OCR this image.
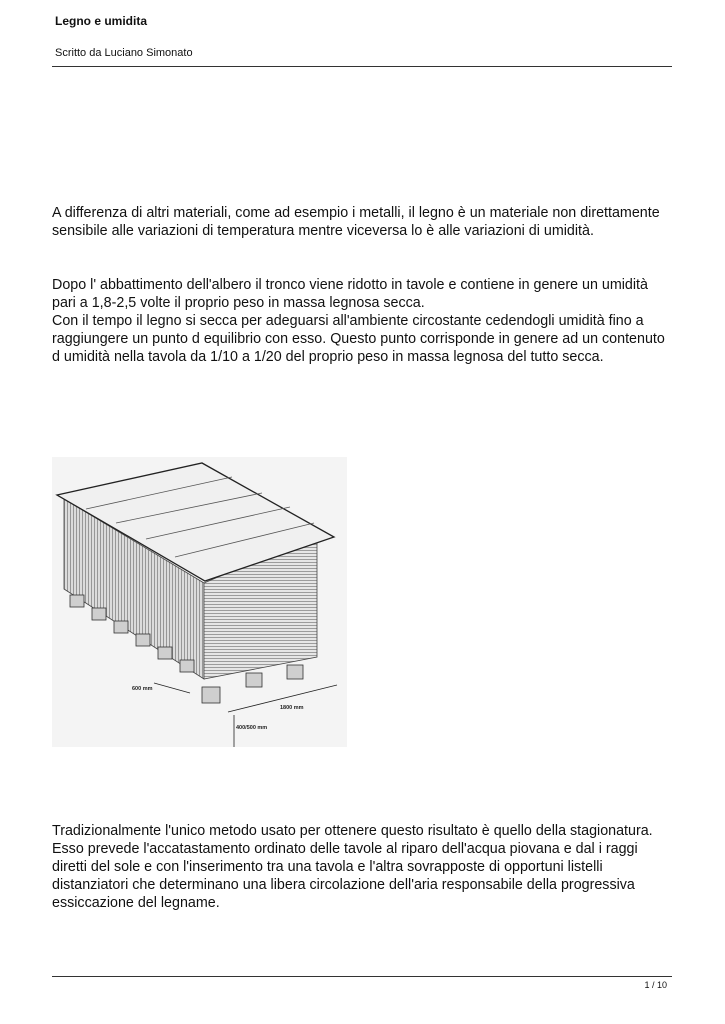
Legno e umidita
Scritto da Luciano Simonato

A differenza di altri materiali, come ad esempio i metalli, il legno è un materiale non direttamente sensibile alle variazioni di temperatura mentre viceversa lo è alle variazioni di umidità.

Dopo l' abbattimento dell'albero il tronco viene ridotto in tavole e contiene in genere un umidità pari a 1,8-2,5 volte il proprio peso in massa legnosa secca.

Con il tempo il legno si secca per adeguarsi all'ambiente circostante cedendogli umidità fino a raggiungere un punto d equilibrio con esso. Questo punto corrisponde in genere ad un contenuto d umidità nella tavola da 1/10 a 1/20 del proprio peso in massa legnosa del tutto secca.

600 mm
1800 mm
400/500 mm

Tradizionalmente l'unico metodo usato per ottenere questo risultato è quello della stagionatura. Esso prevede l'accatastamento ordinato delle tavole al riparo dell'acqua piovana e dal i raggi diretti del sole e con l'inserimento tra una tavola e l'altra sovrapposte di opportuni listelli distanziatori che determinano una libera circolazione dell'aria responsabile della progressiva essiccazione del legname.

1 / 10
